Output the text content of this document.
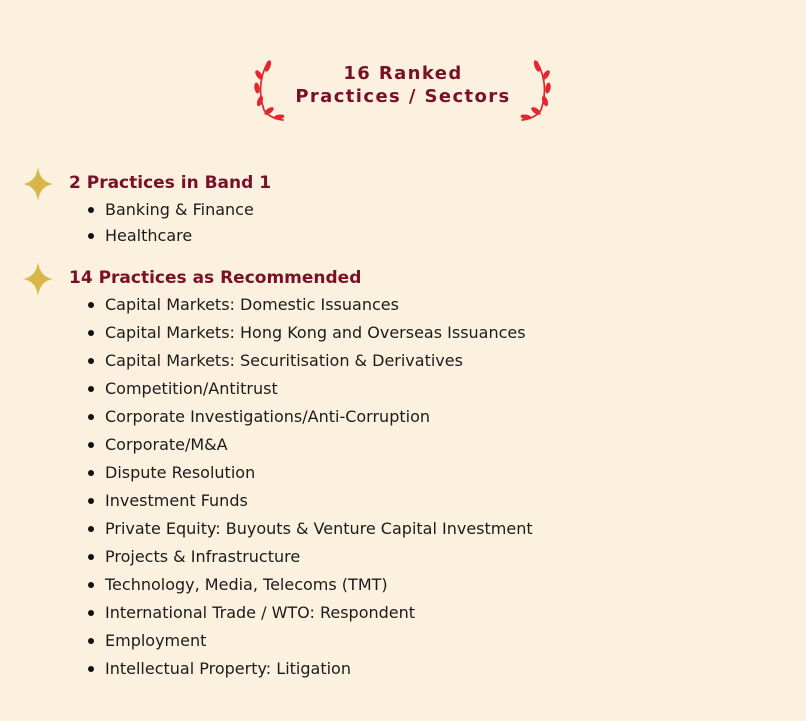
16 Ranked
Practices / Sectors
2 Practices in Band 1
Banking & Finance
Healthcare
14 Practices as Recommended
Capital Markets: Domestic Issuances
Capital Markets: Hong Kong and Overseas Issuances
Capital Markets: Securitisation & Derivatives
Competition/Antitrust
Corporate Investigations/Anti-Corruption
Corporate/M&A
Dispute Resolution
Investment Funds
Private Equity: Buyouts & Venture Capital Investment
Projects & Infrastructure
Technology, Media, Telecoms (TMT)
International Trade / WTO: Respondent
Employment
Intellectual Property: Litigation
